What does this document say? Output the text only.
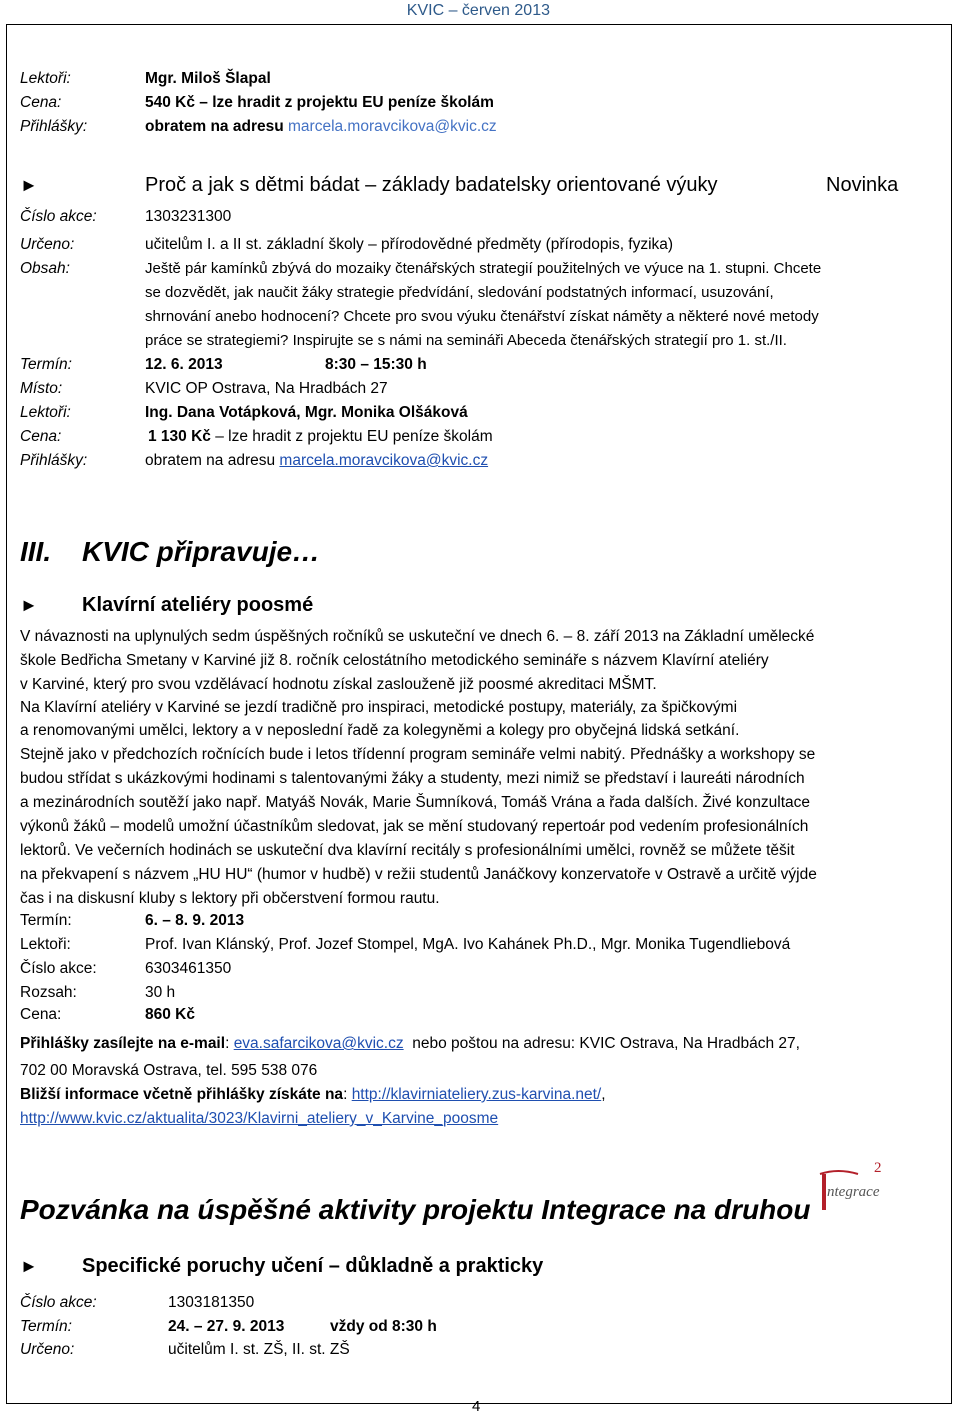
KVIC – červen 2013
Lektoři:	Mgr. Miloš Šlapal
Cena:	540 Kč – lze hradit z projektu EU peníze školám
Přihlášky:	obratem na adresu marcela.moravcikova@kvic.cz
►	Proč a jak s dětmi bádat – základy badatelsky orientované výuky	Novinka
Číslo akce:	1303231300
Určeno:	učitelům I. a II st. základní školy – přírodovědné předměty (přírodopis, fyzika)
Obsah:	Ještě pár kamínků zbývá do mozaiky čtenářských strategií použitelných ve výuce na 1. stupni. Chcete
se dozvědět, jak naučit žáky strategie předvídání, sledování podstatných informací, usuzování,
shrnování anebo hodnocení? Chcete pro svou výuku čtenářství získat náměty a některé nové metody
práce se strategiemi? Inspirujte se s námi na semináři Abeceda čtenářských strategií pro 1. st./II.
Termín:	12. 6. 2013	8:30 – 15:30 h
Místo:	KVIC OP Ostrava, Na Hradbách 27
Lektoři:	Ing. Dana Votápková, Mgr. Monika Olšáková
Cena:	1 130 Kč – lze hradit z projektu EU peníze školám
Přihlášky:	obratem na adresu marcela.moravcikova@kvic.cz
III. KVIC připravuje…
► Klavírní ateliéry poosmé
V návaznosti na uplynulých sedm úspěšných ročníků se uskuteční ve dnech 6. – 8. září 2013 na Základní umělecké
škole Bedřicha Smetany v Karviné již 8. ročník celostátního metodického semináře s názvem Klavírní ateliéry
v Karviné, který pro svou vzdělávací hodnotu získal zaslouženě již poosmé akreditaci MŠMT.
Na Klavírní ateliéry v Karviné se jezdí tradičně pro inspiraci, metodické postupy, materiály, za špičkovými
a renomovanými umělci, lektory a v neposlední řadě za kolegyněmi a kolegy pro obyčejná lidská setkání.
Stejně jako v předchozích ročnících bude i letos třídenní program semináře velmi nabitý. Přednášky a workshopy se
budou střídat s ukázkovými hodinami s talentovanými žáky a studenty, mezi nimiž se představí i laureáti národních
a mezinárodních soutěží jako např. Matyáš Novák, Marie Šumníková, Tomáš Vrána a řada dalších. Živé konzultace
výkonů žáků – modelů umožní účastníkům sledovat, jak se mění studovaný repertoár pod vedením profesionálních
lektorů. Ve večerních hodinách se uskuteční dva klavírní recitály s profesionálními umělci, rovněž se můžete těšit
na překvapení s názvem „HU HU“ (humor v hudbě) v režii studentů Janáčkovy konzervatoře v Ostravě a určitě výjde
čas i na diskusní kluby s lektory při občerstvení formou rautu.
Termín:	6. – 8. 9. 2013
Lektoři:	Prof. Ivan Klánský, Prof. Jozef Stompel, MgA. Ivo Kahánek Ph.D., Mgr. Monika Tugendliebová
Číslo akce:	6303461350
Rozsah:	30 h
Cena:	860 Kč
Přihlášky zasílejte na e-mail: eva.safarcikova@kvic.cz  nebo poštou na adresu: KVIC Ostrava, Na Hradbách 27,
702 00 Moravská Ostrava, tel. 595 538 076
Bližší informace včetně přihlášky získáte na: http://klavirniateliery.zus-karvina.net/,
http://www.kvic.cz/aktualita/3023/Klavirni_ateliery_v_Karvine_poosme
Pozvánka na úspěšné aktivity projektu Integrace na druhou
ntegrace
2
► Specifické poruchy učení – důkladně a prakticky
Číslo akce:	1303181350
Termín:	24. – 27. 9. 2013	vždy od 8:30 h
Určeno:	učitelům I. st. ZŠ, II. st. ZŠ
4
